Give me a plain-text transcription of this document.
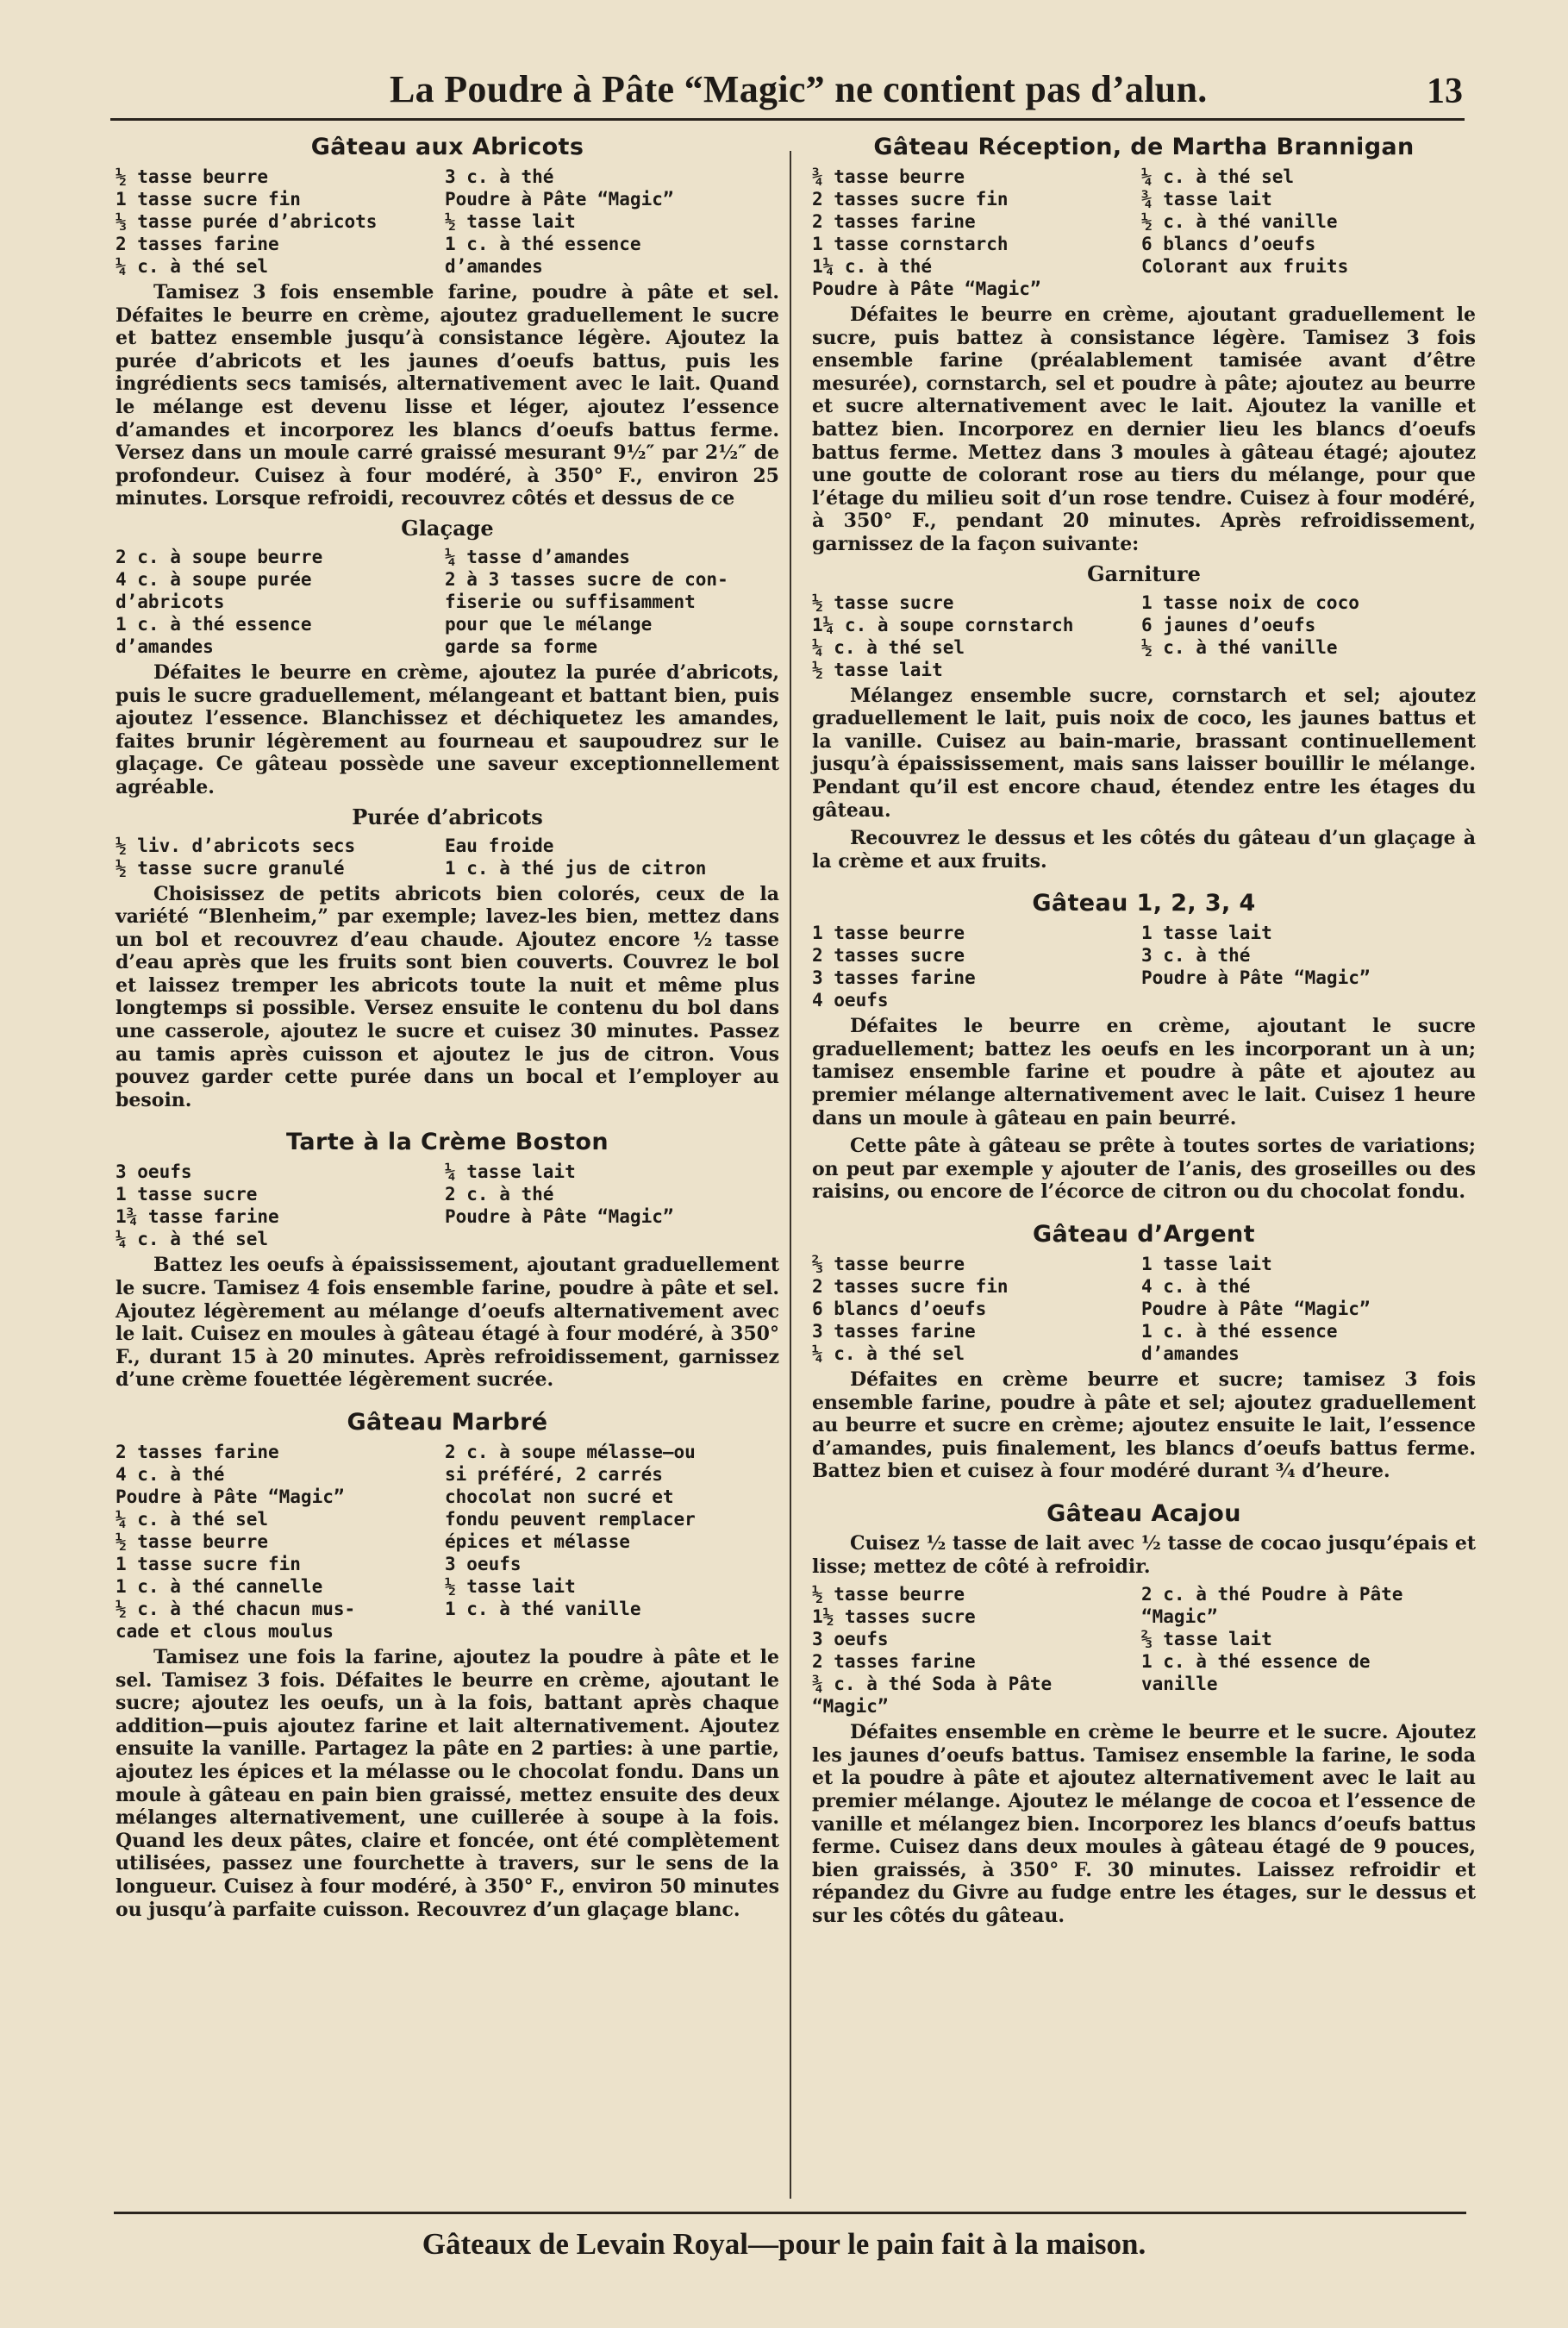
La Poudre à Pâte “Magic” ne contient pas d’alun.	13
Gâteau aux Abricots
½ tasse beurre
1 tasse sucre fin
⅓ tasse purée d’abricots
2 tasses farine
¼ c. à thé sel
3 c. à thé
Poudre à Pâte “Magic”
½ tasse lait
1 c. à thé essence
d’amandes

Tamisez 3 fois ensemble farine, poudre à pâte et sel. Défaites le beurre en crème, ajoutez graduellement le sucre et battez ensemble jusqu’à consistance légère. Ajoutez la purée d’abricots et les jaunes d’oeufs battus, puis les ingrédients secs tamisés, alternativement avec le lait. Quand le mélange est devenu lisse et léger, ajoutez l’essence d’amandes et incorporez les blancs d’oeufs battus ferme. Versez dans un moule carré graissé mesurant 9½″ par 2½″ de profondeur. Cuisez à four modéré, à 350° F., environ 25 minutes. Lorsque refroidi, recouvrez côtés et dessus de ce

Glaçage
2 c. à soupe beurre
4 c. à soupe purée
d’abricots
1 c. à thé essence
d’amandes
¼ tasse d’amandes
2 à 3 tasses sucre de con-
fiserie ou suffisamment
pour que le mélange
garde sa forme

Défaites le beurre en crème, ajoutez la purée d’abricots, puis le sucre graduellement, mélangeant et battant bien, puis ajoutez l’essence. Blanchissez et déchiquetez les amandes, faites brunir légèrement au fourneau et saupoudrez sur le glaçage. Ce gâteau possède une saveur exceptionnellement agréable.

Purée d’abricots
½ liv. d’abricots secs
½ tasse sucre granulé
Eau froide
1 c. à thé jus de citron

Choisissez de petits abricots bien colorés, ceux de la variété “Blenheim,” par exemple; lavez-les bien, mettez dans un bol et recouvrez d’eau chaude. Ajoutez encore ½ tasse d’eau après que les fruits sont bien couverts. Couvrez le bol et laissez tremper les abricots toute la nuit et même plus longtemps si possible. Versez ensuite le contenu du bol dans une casserole, ajoutez le sucre et cuisez 30 minutes. Passez au tamis après cuisson et ajoutez le jus de citron. Vous pouvez garder cette purée dans un bocal et l’employer au besoin.

Tarte à la Crème Boston
3 oeufs
1 tasse sucre
1¾ tasse farine
¼ c. à thé sel
¼ tasse lait
2 c. à thé
Poudre à Pâte “Magic”

Battez les oeufs à épaississement, ajoutant graduellement le sucre. Tamisez 4 fois ensemble farine, poudre à pâte et sel. Ajoutez légèrement au mélange d’oeufs alternativement avec le lait. Cuisez en moules à gâteau étagé à four modéré, à 350° F., durant 15 à 20 minutes. Après refroidissement, garnissez d’une crème fouettée légèrement sucrée.

Gâteau Marbré
2 tasses farine
4 c. à thé
Poudre à Pâte “Magic”
¼ c. à thé sel
½ tasse beurre
1 tasse sucre fin
1 c. à thé cannelle
½ c. à thé chacun mus-
cade et clous moulus
2 c. à soupe mélasse—ou
si préféré, 2 carrés
chocolat non sucré et
fondu peuvent remplacer
épices et mélasse
3 oeufs
½ tasse lait
1 c. à thé vanille

Tamisez une fois la farine, ajoutez la poudre à pâte et le sel. Tamisez 3 fois. Défaites le beurre en crème, ajoutant le sucre; ajoutez les oeufs, un à la fois, battant après chaque addition—puis ajoutez farine et lait alternativement. Ajoutez ensuite la vanille. Partagez la pâte en 2 parties: à une partie, ajoutez les épices et la mélasse ou le chocolat fondu. Dans un moule à gâteau en pain bien graissé, mettez ensuite des deux mélanges alternativement, une cuillerée à soupe à la fois. Quand les deux pâtes, claire et foncée, ont été complètement utilisées, passez une fourchette à travers, sur le sens de la longueur. Cuisez à four modéré, à 350° F., environ 50 minutes ou jusqu’à parfaite cuisson. Recouvrez d’un glaçage blanc.

Gâteau Réception, de Martha Brannigan
¾ tasse beurre
2 tasses sucre fin
2 tasses farine
1 tasse cornstarch
1¼ c. à thé
Poudre à Pâte “Magic”
¼ c. à thé sel
¾ tasse lait
½ c. à thé vanille
6 blancs d’oeufs
Colorant aux fruits

Défaites le beurre en crème, ajoutant graduellement le sucre, puis battez à consistance légère. Tamisez 3 fois ensemble farine (préalablement tamisée avant d’être mesurée), cornstarch, sel et poudre à pâte; ajoutez au beurre et sucre alternativement avec le lait. Ajoutez la vanille et battez bien. Incorporez en dernier lieu les blancs d’oeufs battus ferme. Mettez dans 3 moules à gâteau étagé; ajoutez une goutte de colorant rose au tiers du mélange, pour que l’étage du milieu soit d’un rose tendre. Cuisez à four modéré, à 350° F., pendant 20 minutes. Après refroidissement, garnissez de la façon suivante:

Garniture
½ tasse sucre
1¼ c. à soupe cornstarch
¼ c. à thé sel
½ tasse lait
1 tasse noix de coco
6 jaunes d’oeufs
½ c. à thé vanille

Mélangez ensemble sucre, cornstarch et sel; ajoutez graduellement le lait, puis noix de coco, les jaunes battus et la vanille. Cuisez au bain-marie, brassant continuellement jusqu’à épaississement, mais sans laisser bouillir le mélange. Pendant qu’il est encore chaud, étendez entre les étages du gâteau.

Recouvrez le dessus et les côtés du gâteau d’un glaçage à la crème et aux fruits.

Gâteau 1, 2, 3, 4
1 tasse beurre
2 tasses sucre
3 tasses farine
4 oeufs
1 tasse lait
3 c. à thé
Poudre à Pâte “Magic”

Défaites le beurre en crème, ajoutant le sucre graduellement; battez les oeufs en les incorporant un à un; tamisez ensemble farine et poudre à pâte et ajoutez au premier mélange alternativement avec le lait. Cuisez 1 heure dans un moule à gâteau en pain beurré.

Cette pâte à gâteau se prête à toutes sortes de variations; on peut par exemple y ajouter de l’anis, des groseilles ou des raisins, ou encore de l’écorce de citron ou du chocolat fondu.

Gâteau d’Argent
⅔ tasse beurre
2 tasses sucre fin
6 blancs d’oeufs
3 tasses farine
¼ c. à thé sel
1 tasse lait
4 c. à thé
Poudre à Pâte “Magic”
1 c. à thé essence
d’amandes

Défaites en crème beurre et sucre; tamisez 3 fois ensemble farine, poudre à pâte et sel; ajoutez graduellement au beurre et sucre en crème; ajoutez ensuite le lait, l’essence d’amandes, puis finalement, les blancs d’oeufs battus ferme. Battez bien et cuisez à four modéré durant ¾ d’heure.

Gâteau Acajou

Cuisez ½ tasse de lait avec ½ tasse de cocao jusqu’épais et lisse; mettez de côté à refroidir.

½ tasse beurre
1½ tasses sucre
3 oeufs
2 tasses farine
¾ c. à thé Soda à Pâte
“Magic”
2 c. à thé Poudre à Pâte
“Magic”
⅔ tasse lait
1 c. à thé essence de
vanille

Défaites ensemble en crème le beurre et le sucre. Ajoutez les jaunes d’oeufs battus. Tamisez ensemble la farine, le soda et la poudre à pâte et ajoutez alternativement avec le lait au premier mélange. Ajoutez le mélange de cocoa et l’essence de vanille et mélangez bien. Incorporez les blancs d’oeufs battus ferme. Cuisez dans deux moules à gâteau étagé de 9 pouces, bien graissés, à 350° F. 30 minutes. Laissez refroidir et répandez du Givre au fudge entre les étages, sur le dessus et sur les côtés du gâteau.

Gâteaux de Levain Royal—pour le pain fait à la maison.
